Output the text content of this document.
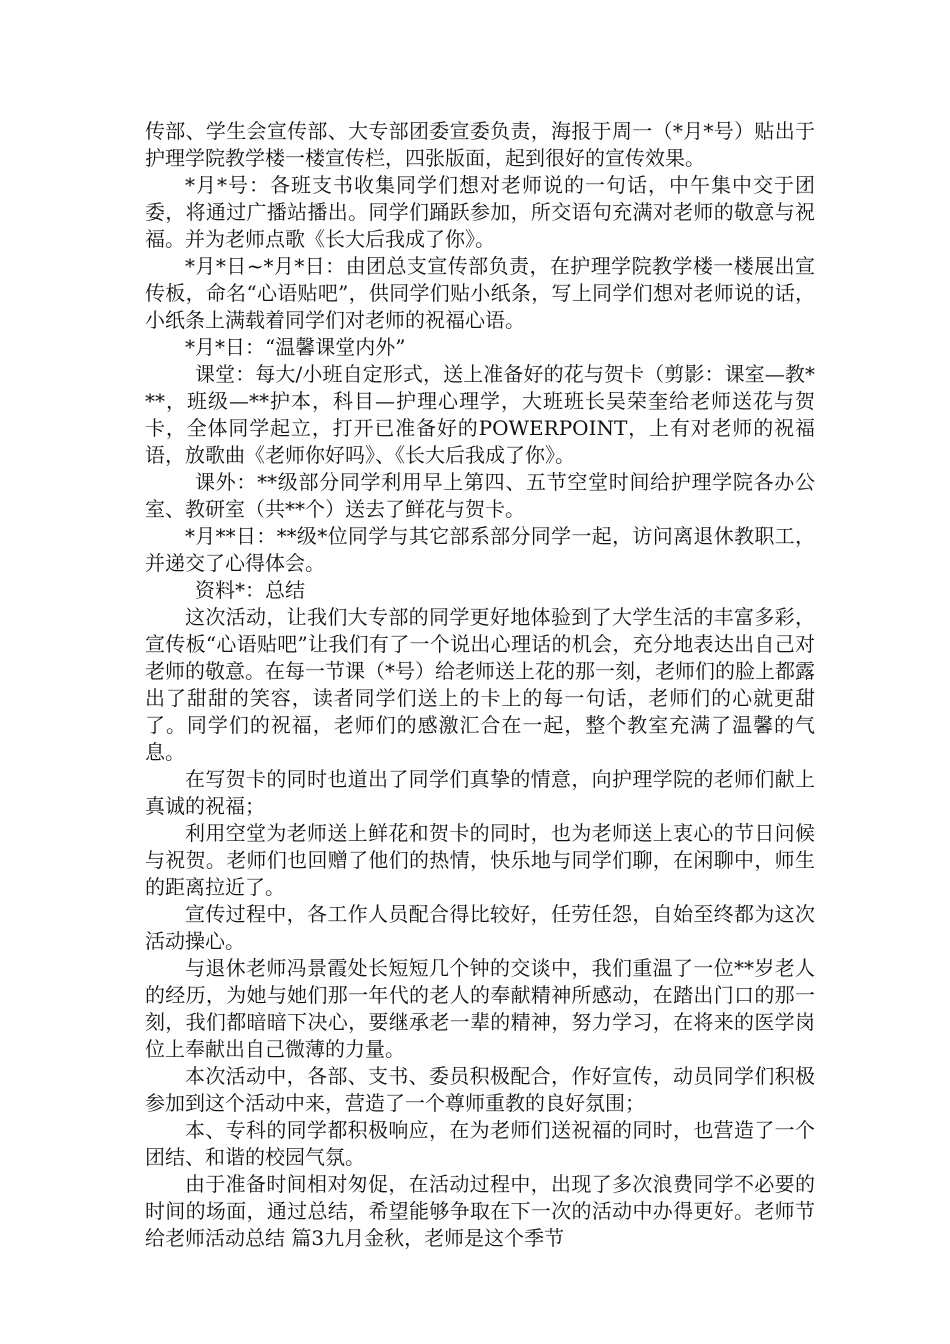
传部、学生会宣传部、大专部团委宣委负责，海报于周一（*月*号）贴出于护理学院教学楼一楼宣传栏，四张版面，起到很好的宣传效果。

*月*号：各班支书收集同学们想对老师说的一句话，中午集中交于团委，将通过广播站播出。同学们踊跃参加，所交语句充满对老师的敬意与祝福。并为老师点歌《长大后我成了你》。

*月*日~*月*日：由团总支宣传部负责，在护理学院教学楼一楼展出宣传板，命名“心语贴吧”，供同学们贴小纸条，写上同学们想对老师说的话，小纸条上满载着同学们对老师的祝福心语。

*月*日：“温馨课堂内外”

课堂：每大/小班自定形式，送上准备好的花与贺卡（剪影：课室—教***，班级—**护本，科目—护理心理学，大班班长吴荣奎给老师送花与贺卡，全体同学起立，打开已准备好的POWERPOINT，上有对老师的祝福语，放歌曲《老师你好吗》、《长大后我成了你》。

课外：**级部分同学利用早上第四、五节空堂时间给护理学院各办公室、教研室（共**个）送去了鲜花与贺卡。

*月**日：**级*位同学与其它部系部分同学一起，访问离退休教职工，并递交了心得体会。

资料*：总结

这次活动，让我们大专部的同学更好地体验到了大学生活的丰富多彩，宣传板“心语贴吧”让我们有了一个说出心理话的机会，充分地表达出自己对老师的敬意。在每一节课（*号）给老师送上花的那一刻，老师们的脸上都露出了甜甜的笑容，读者同学们送上的卡上的每一句话，老师们的心就更甜了。同学们的祝福，老师们的感激汇合在一起，整个教室充满了温馨的气息。

在写贺卡的同时也道出了同学们真挚的情意，向护理学院的老师们献上真诚的祝福；

利用空堂为老师送上鲜花和贺卡的同时，也为老师送上衷心的节日问候与祝贺。老师们也回赠了他们的热情，快乐地与同学们聊，在闲聊中，师生的距离拉近了。

宣传过程中，各工作人员配合得比较好，任劳任怨，自始至终都为这次活动操心。

与退休老师冯景霞处长短短几个钟的交谈中，我们重温了一位**岁老人的经历，为她与她们那一年代的老人的奉献精神所感动，在踏出门口的那一刻，我们都暗暗下决心，要继承老一辈的精神，努力学习，在将来的医学岗位上奉献出自己微薄的力量。

本次活动中，各部、支书、委员积极配合，作好宣传，动员同学们积极参加到这个活动中来，营造了一个尊师重教的良好氛围；

本、专科的同学都积极响应，在为老师们送祝福的同时，也营造了一个团结、和谐的校园气氛。

由于准备时间相对匆促，在活动过程中，出现了多次浪费同学不必要的时间的场面，通过总结，希望能够争取在下一次的活动中办得更好。老师节给老师活动总结 篇3九月金秋，老师是这个季节
